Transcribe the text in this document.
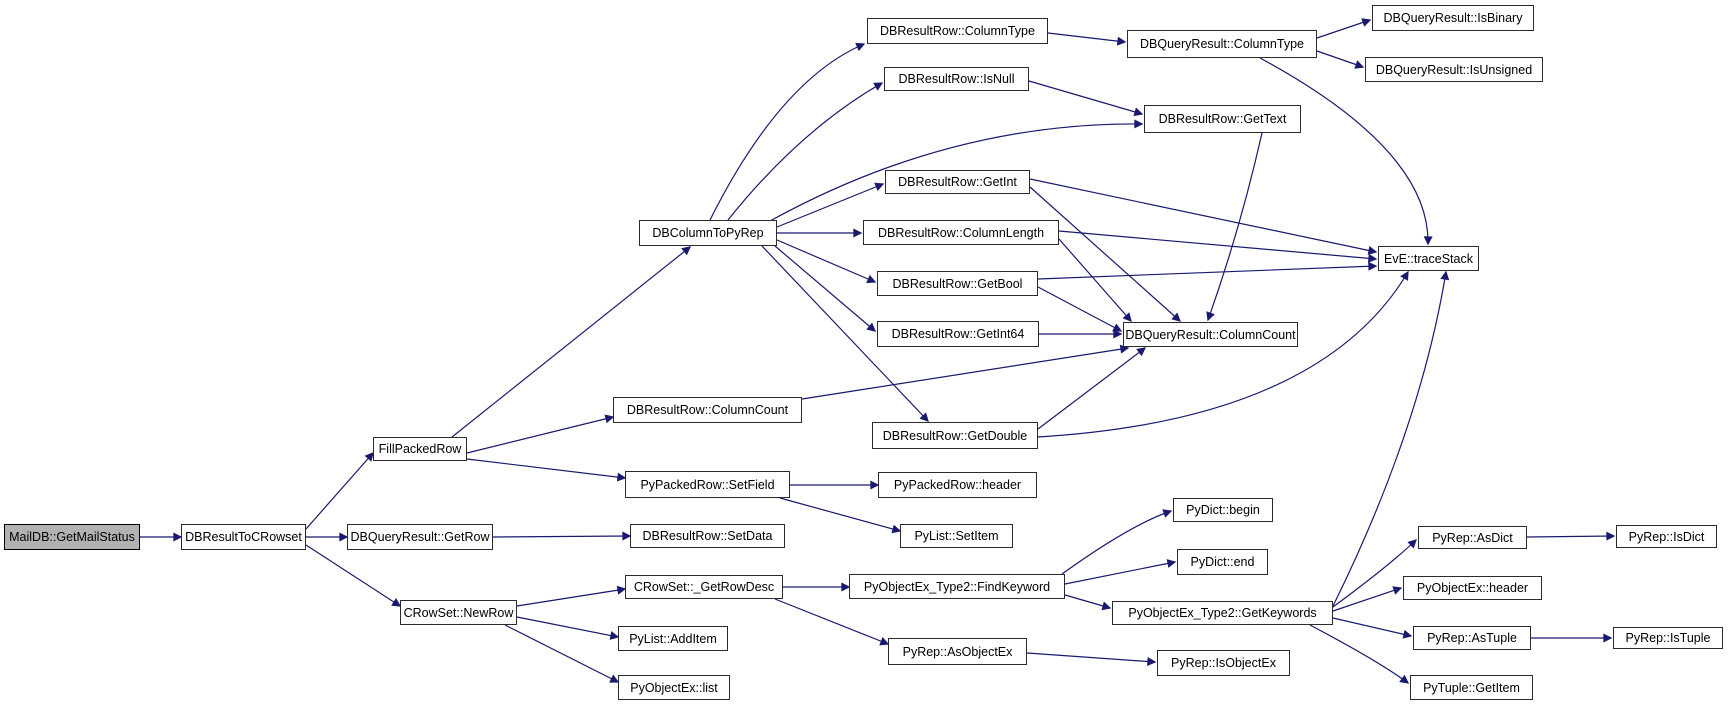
MailDB::GetMailStatus	DBResultToCRowset	DBQueryResult::GetRow
FillPackedRow
CRowSet::NewRow
DBColumnToPyRep
DBResultRow::ColumnCount
PyPackedRow::SetField
DBResultRow::SetData
CRowSet::_GetRowDesc
PyList::AddItem
PyObjectEx::list
DBResultRow::ColumnType
DBResultRow::IsNull
DBResultRow::GetInt
DBResultRow::ColumnLength
DBResultRow::GetBool
DBResultRow::GetInt64
DBResultRow::GetDouble
PyPackedRow::header
PyList::SetItem
PyObjectEx_Type2::FindKeyword
PyRep::AsObjectEx
DBQueryResult::ColumnType
DBResultRow::GetText
DBQueryResult::ColumnCount
PyDict::begin
PyDict::end
PyObjectEx_Type2::GetKeywords
PyRep::IsObjectEx
DBQueryResult::IsBinary
DBQueryResult::IsUnsigned
EvE::traceStack
PyRep::AsDict
PyObjectEx::header
PyRep::AsTuple
PyTuple::GetItem
PyRep::IsDict
PyRep::IsTuple
